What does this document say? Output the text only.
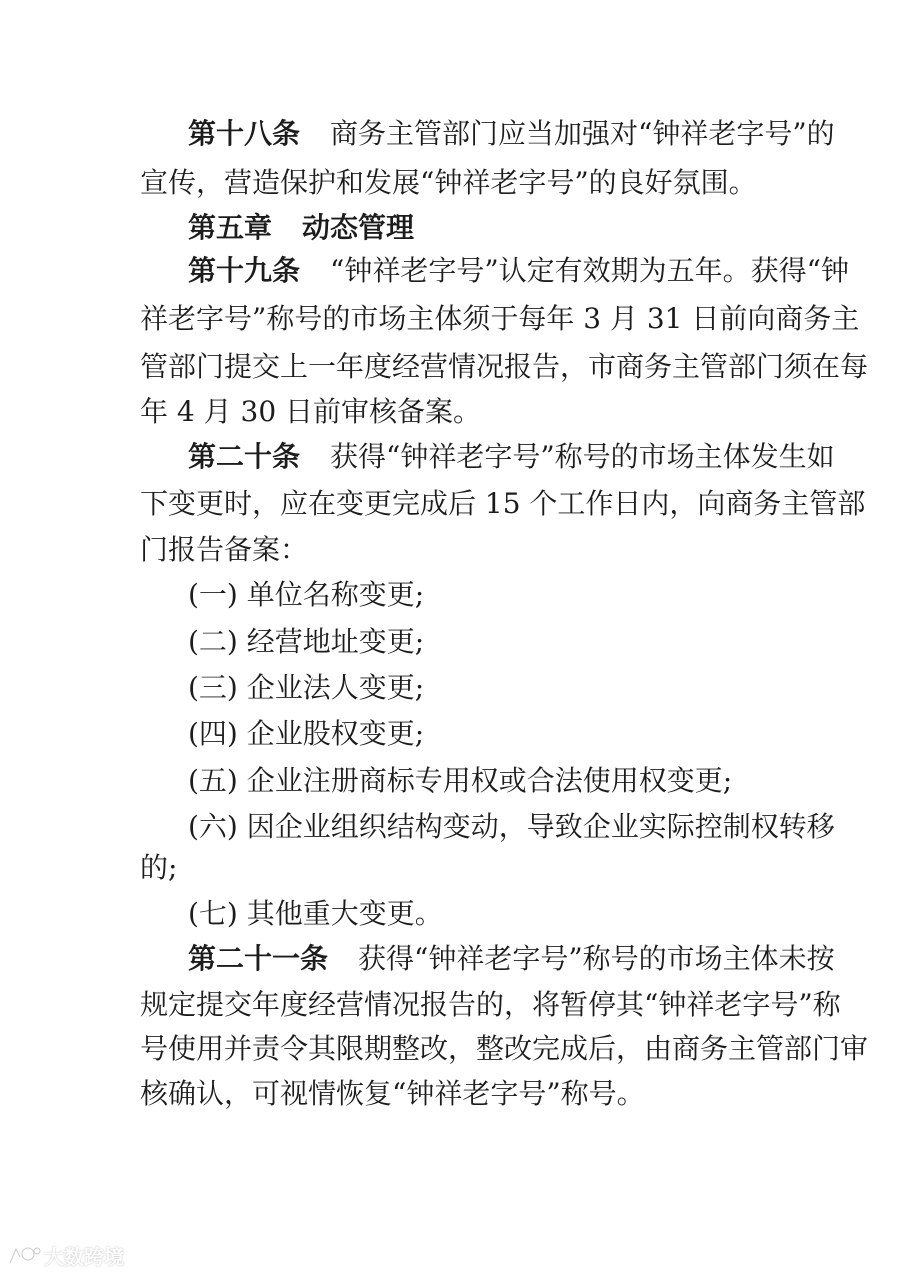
第十八条 商务主管部门应当加强对“钟祥老字号”的
宣传，营造保护和发展“钟祥老字号”的良好氛围。
第五章 动态管理
第十九条 “钟祥老字号”认定有效期为五年。获得“钟
祥老字号”称号的市场主体须于每年 3 月 31 日前向商务主
管部门提交上一年度经营情况报告，市商务主管部门须在每
年 4 月 30 日前审核备案。
第二十条 获得“钟祥老字号”称号的市场主体发生如
下变更时，应在变更完成后 15 个工作日内，向商务主管部
门报告备案：
(一) 单位名称变更;
(二) 经营地址变更;
(三) 企业法人变更;
(四) 企业股权变更;
(五) 企业注册商标专用权或合法使用权变更;
(六) 因企业组织结构变动，导致企业实际控制权转移
的;
(七) 其他重大变更。
第二十一条 获得“钟祥老字号”称号的市场主体未按
规定提交年度经营情况报告的，将暂停其“钟祥老字号”称
号使用并责令其限期整改，整改完成后，由商务主管部门审
核确认，可视情恢复“钟祥老字号”称号。
大数跨境
